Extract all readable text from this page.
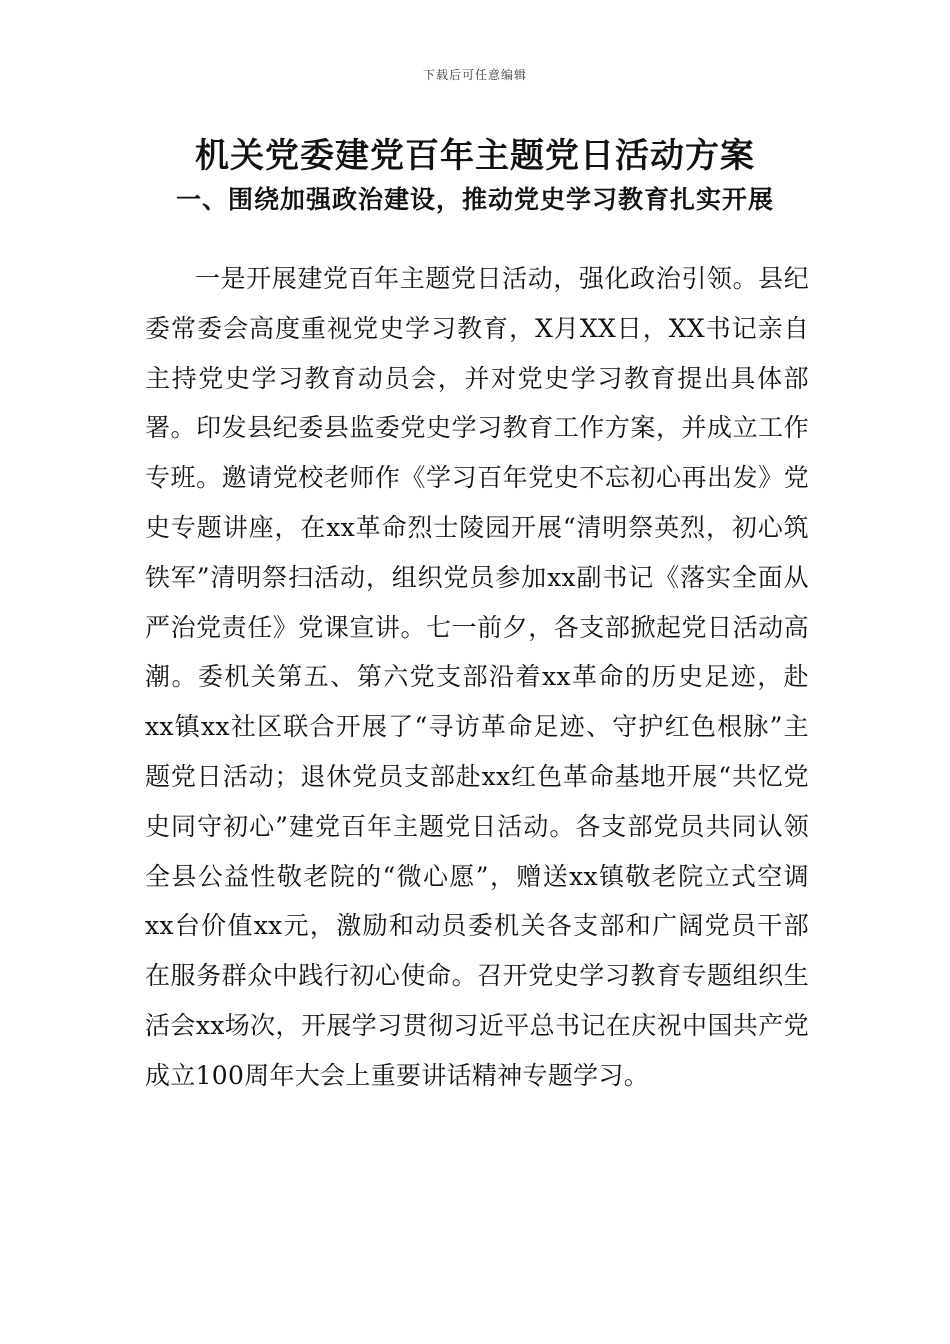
下载后可任意编辑
机关党委建党百年主题党日活动方案
一、围绕加强政治建设，推动党史学习教育扎实开展

一是开展建党百年主题党日活动，强化政治引领。县纪委常委会高度重视党史学习教育，X月XX日，XX书记亲自主持党史学习教育动员会，并对党史学习教育提出具体部署。印发县纪委县监委党史学习教育工作方案，并成立工作专班。邀请党校老师作《学习百年党史不忘初心再出发》党史专题讲座，在xx革命烈士陵园开展“清明祭英烈，初心筑铁军”清明祭扫活动，组织党员参加xx副书记《落实全面从严治党责任》党课宣讲。七一前夕，各支部掀起党日活动高潮。委机关第五、第六党支部沿着xx革命的历史足迹，赴xx镇xx社区联合开展了“寻访革命足迹、守护红色根脉”主题党日活动；退休党员支部赴xx红色革命基地开展“共忆党史同守初心”建党百年主题党日活动。各支部党员共同认领全县公益性敬老院的“微心愿”，赠送xx镇敬老院立式空调xx台价值xx元，激励和动员委机关各支部和广阔党员干部在服务群众中践行初心使命。召开党史学习教育专题组织生活会xx场次，开展学习贯彻习近平总书记在庆祝中国共产党成立100周年大会上重要讲话精神专题学习。
